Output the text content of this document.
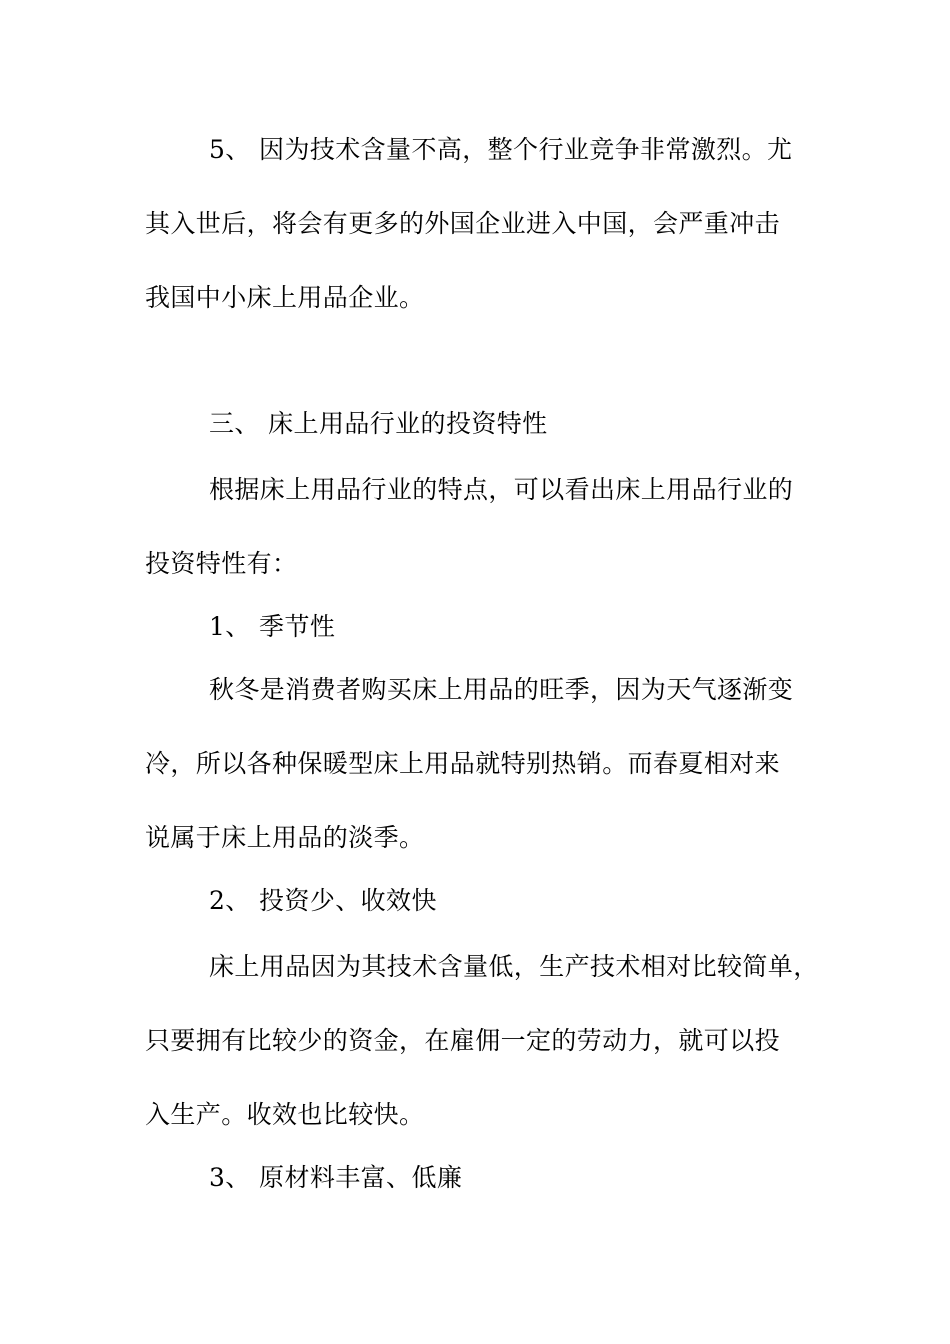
5、 因为技术含量不高，整个行业竞争非常激烈。尤
其入世后，将会有更多的外国企业进入中国，会严重冲击
我国中小床上用品企业。
三、 床上用品行业的投资特性
根据床上用品行业的特点，可以看出床上用品行业的
投资特性有：
1、 季节性
秋冬是消费者购买床上用品的旺季，因为天气逐渐变
冷，所以各种保暖型床上用品就特别热销。而春夏相对来
说属于床上用品的淡季。
2、 投资少、收效快
床上用品因为其技术含量低，生产技术相对比较简单，
只要拥有比较少的资金，在雇佣一定的劳动力，就可以投
入生产。收效也比较快。
3、 原材料丰富、低廉
